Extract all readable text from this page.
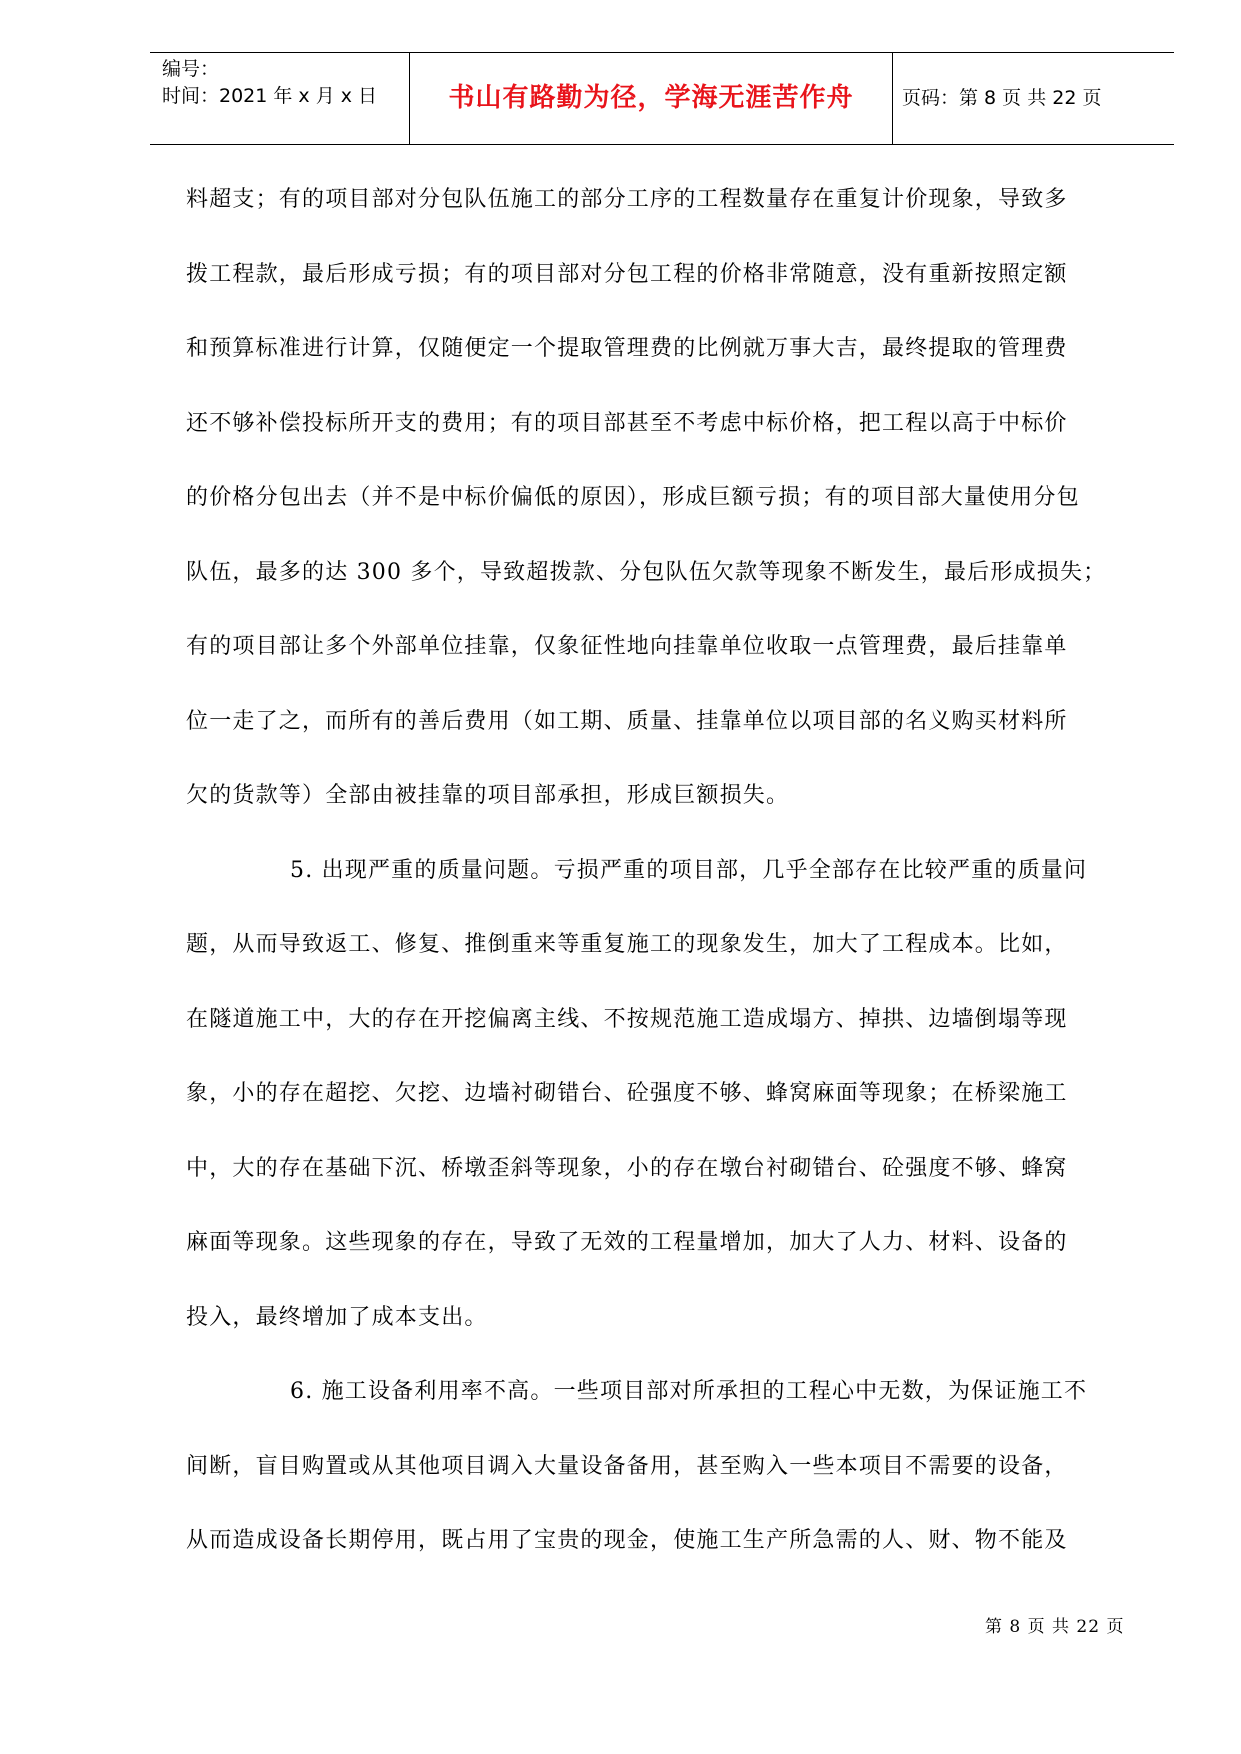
编号：
时间：2021 年 x 月 x 日	书山有路勤为径，学海无涯苦作舟	页码：第 8 页 共 22 页
料超支；有的项目部对分包队伍施工的部分工序的工程数量存在重复计价现象，导致多
拨工程款，最后形成亏损；有的项目部对分包工程的价格非常随意，没有重新按照定额
和预算标准进行计算，仅随便定一个提取管理费的比例就万事大吉，最终提取的管理费
还不够补偿投标所开支的费用；有的项目部甚至不考虑中标价格，把工程以高于中标价
的价格分包出去（并不是中标价偏低的原因），形成巨额亏损；有的项目部大量使用分包
队伍，最多的达 300 多个，导致超拨款、分包队伍欠款等现象不断发生，最后形成损失；
有的项目部让多个外部单位挂靠，仅象征性地向挂靠单位收取一点管理费，最后挂靠单
位一走了之，而所有的善后费用（如工期、质量、挂靠单位以项目部的名义购买材料所
欠的货款等）全部由被挂靠的项目部承担，形成巨额损失。
5. 出现严重的质量问题。亏损严重的项目部，几乎全部存在比较严重的质量问
题，从而导致返工、修复、推倒重来等重复施工的现象发生，加大了工程成本。比如，
在隧道施工中，大的存在开挖偏离主线、不按规范施工造成塌方、掉拱、边墙倒塌等现
象，小的存在超挖、欠挖、边墙衬砌错台、砼强度不够、蜂窝麻面等现象；在桥梁施工
中，大的存在基础下沉、桥墩歪斜等现象，小的存在墩台衬砌错台、砼强度不够、蜂窝
麻面等现象。这些现象的存在，导致了无效的工程量增加，加大了人力、材料、设备的
投入，最终增加了成本支出。
6. 施工设备利用率不高。一些项目部对所承担的工程心中无数，为保证施工不
间断，盲目购置或从其他项目调入大量设备备用，甚至购入一些本项目不需要的设备，
从而造成设备长期停用，既占用了宝贵的现金，使施工生产所急需的人、财、物不能及
第 8 页 共 22 页
